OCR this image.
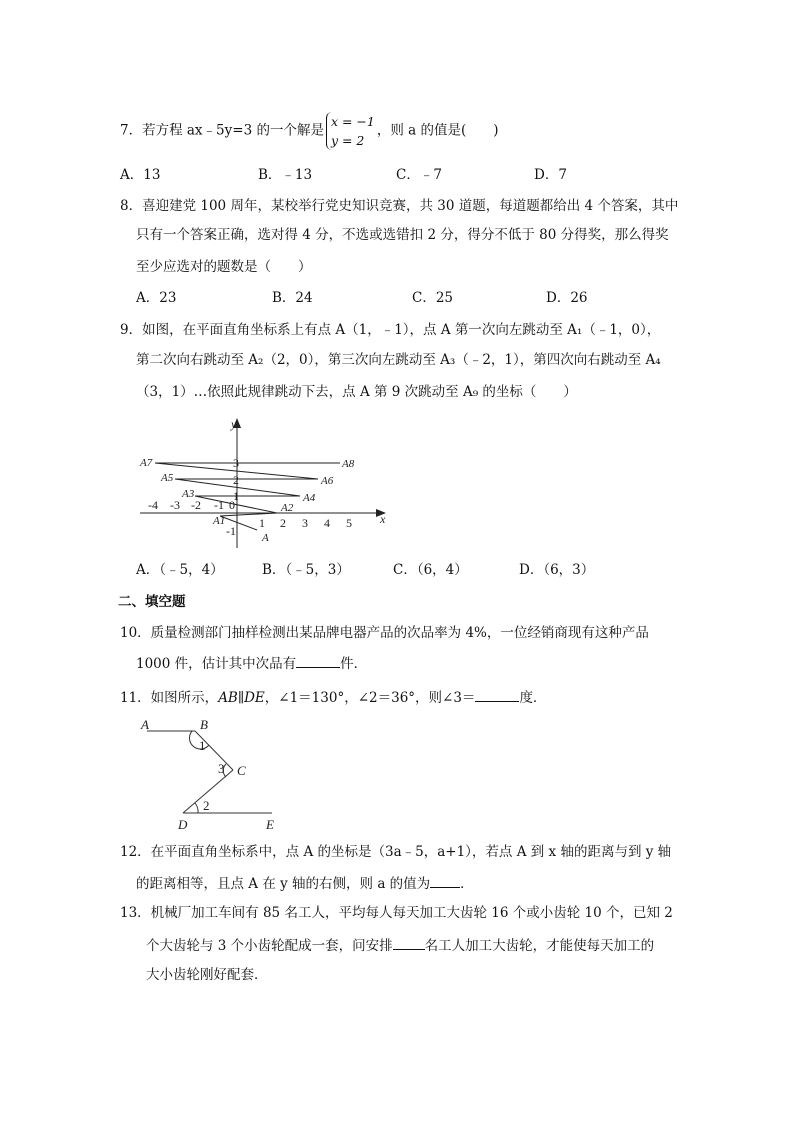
7．若方程 ax﹣5y=3 的一个解是x = −1
y = 2，则 a 的值是(　　)
A．13	B．﹣13	C．﹣7	D．7
8．喜迎建党 100 周年，某校举行党史知识竞赛，共 30 道题，每道题都给出 4 个答案，其中
只有一个答案正确，选对得 4 分，不选或选错扣 2 分，得分不低于 80 分得奖，那么得奖
至少应选对的题数是（　　）
A．23	B．24	C．25	D．26
9．如图，在平面直角坐标系上有点 A（1，﹣1），点 A 第一次向左跳动至 A₁（﹣1，0），
第二次向右跳动至 A₂（2，0），第三次向左跳动至 A₃（﹣2，1），第四次向右跳动至 A₄
（3，1）…依照此规律跳动下去，点 A 第 9 次跳动至 A₉ 的坐标（　　）
y
x
-4 -3 -2 -1 0
1 2 3 4 5
3
2
1
-1 A
A1
A2
A3	A4
A5	A6
A7	A8
A	B
C
D	E
1
3
2
A．（﹣5，4）	B．（﹣5，3）	C．（6，4）	D．（6，3）
二、填空题
10．质量检测部门抽样检测出某品牌电器产品的次品率为 4%，一位经销商现有这种产品
1000 件，估计其中次品有	件．
11．如图所示，AB∥DE，∠1＝130°，∠2＝36°，则∠3＝	度．
12．在平面直角坐标系中，点 A 的坐标是（3a﹣5，a+1），若点 A 到 x 轴的距离与到 y 轴
的距离相等，且点 A 在 y 轴的右侧，则 a 的值为 ．
13．机械厂加工车间有 85 名工人，平均每人每天加工大齿轮 16 个或小齿轮 10 个，已知 2
个大齿轮与 3 个小齿轮配成一套，问安排 名工人加工大齿轮，才能使每天加工的
大小齿轮刚好配套．
